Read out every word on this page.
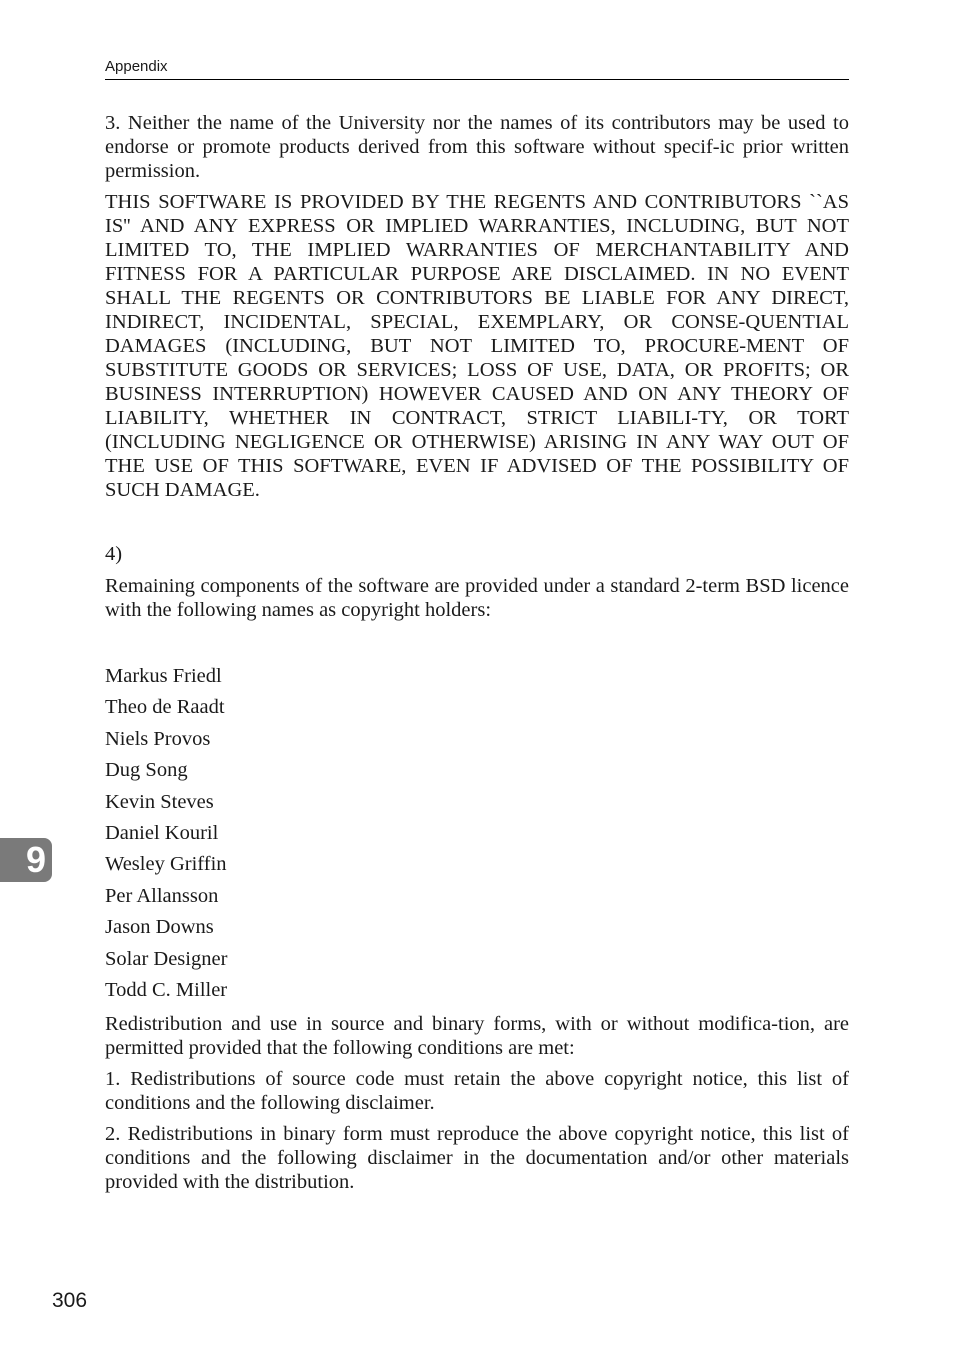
Appendix

3. Neither the name of the University nor the names of its contributors may be used to endorse or promote products derived from this software without specif-ic prior written permission.

THIS SOFTWARE IS PROVIDED BY THE REGENTS AND CONTRIBUTORS ``AS IS'' AND ANY EXPRESS OR IMPLIED WARRANTIES, INCLUDING, BUT NOT LIMITED TO, THE IMPLIED WARRANTIES OF MERCHANTABILITY AND FITNESS FOR A PARTICULAR PURPOSE ARE DISCLAIMED. IN NO EVENT SHALL THE REGENTS OR CONTRIBUTORS BE LIABLE FOR ANY DIRECT, INDIRECT, INCIDENTAL, SPECIAL, EXEMPLARY, OR CONSE-QUENTIAL DAMAGES (INCLUDING, BUT NOT LIMITED TO, PROCURE-MENT OF SUBSTITUTE GOODS OR SERVICES; LOSS OF USE, DATA, OR PROFITS; OR BUSINESS INTERRUPTION) HOWEVER CAUSED AND ON ANY THEORY OF LIABILITY, WHETHER IN CONTRACT, STRICT LIABILI-TY, OR TORT (INCLUDING NEGLIGENCE OR OTHERWISE) ARISING IN ANY WAY OUT OF THE USE OF THIS SOFTWARE, EVEN IF ADVISED OF THE POSSIBILITY OF SUCH DAMAGE.

4)

Remaining components of the software are provided under a standard 2-term BSD licence with the following names as copyright holders:

Markus Friedl
Theo de Raadt
Niels Provos
Dug Song
Kevin Steves
Daniel Kouril
Wesley Griffin
Per Allansson
Jason Downs
Solar Designer
Todd C. Miller

Redistribution and use in source and binary forms, with or without modifica-tion, are permitted provided that the following conditions are met:

1. Redistributions of source code must retain the above copyright notice, this list of conditions and the following disclaimer.

2. Redistributions in binary form must reproduce the above copyright notice, this list of conditions and the following disclaimer in the documentation and/or other materials provided with the distribution.

9
306
